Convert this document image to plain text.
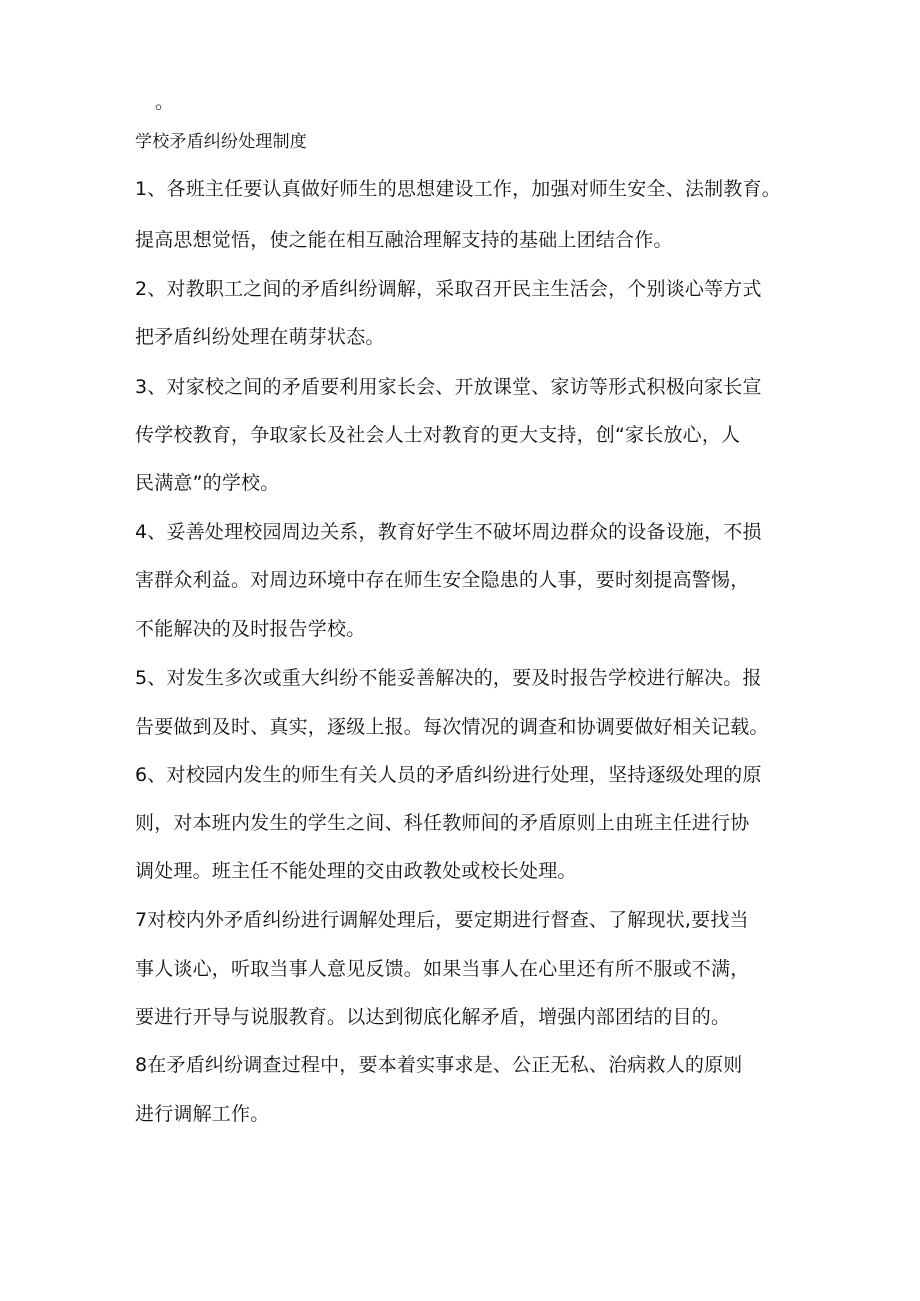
。
学校矛盾纠纷处理制度
1、各班主任要认真做好师生的思想建设工作，加强对师生安全、法制教育。
提高思想觉悟，使之能在相互融洽理解支持的基础上团结合作。
2、对教职工之间的矛盾纠纷调解，采取召开民主生活会，个别谈心等方式
把矛盾纠纷处理在萌芽状态。
3、对家校之间的矛盾要利用家长会、开放课堂、家访等形式积极向家长宣
传学校教育，争取家长及社会人士对教育的更大支持，创“家长放心，人
民满意”的学校。
4、妥善处理校园周边关系，教育好学生不破坏周边群众的设备设施，不损
害群众利益。对周边环境中存在师生安全隐患的人事，要时刻提高警惕，
不能解决的及时报告学校。
5、对发生多次或重大纠纷不能妥善解决的，要及时报告学校进行解决。报
告要做到及时、真实，逐级上报。每次情况的调查和协调要做好相关记载。
6、对校园内发生的师生有关人员的矛盾纠纷进行处理，坚持逐级处理的原
则，对本班内发生的学生之间、科任教师间的矛盾原则上由班主任进行协
调处理。班主任不能处理的交由政教处或校长处理。
7对校内外矛盾纠纷进行调解处理后，要定期进行督查、了解现状,要找当
事人谈心，听取当事人意见反馈。如果当事人在心里还有所不服或不满，
要进行开导与说服教育。以达到彻底化解矛盾，增强内部团结的目的。
8在矛盾纠纷调查过程中，要本着实事求是、公正无私、治病救人的原则
进行调解工作。
